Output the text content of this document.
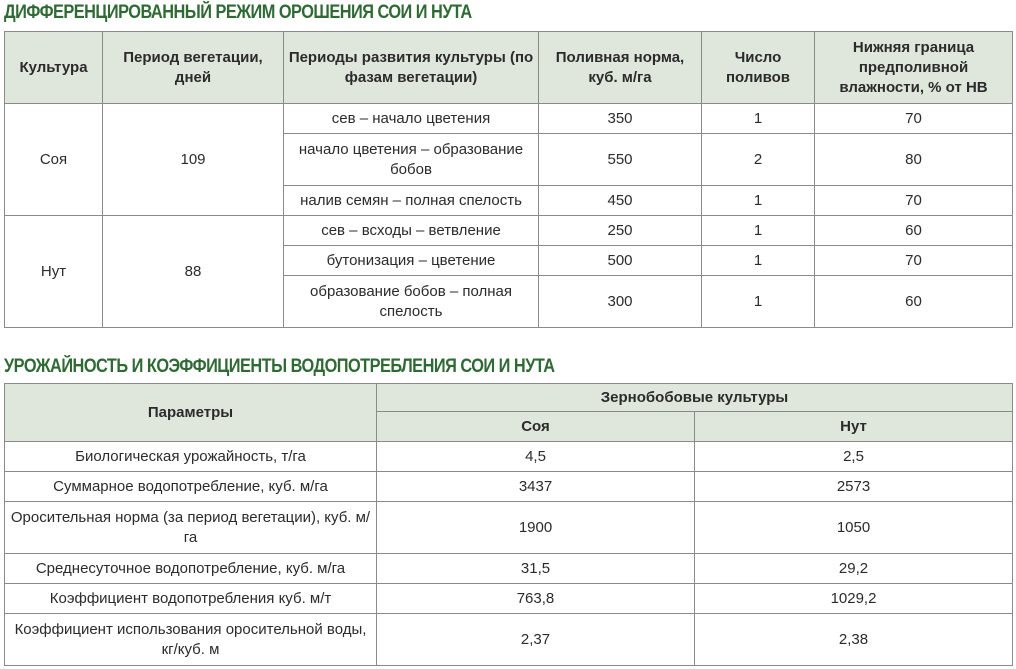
ДИФФЕРЕНЦИРОВАННЫЙ РЕЖИМ ОРОШЕНИЯ СОИ И НУТА
Культура	Период вегетации, дней	Периоды развития культуры (по фазам вегетации)	Поливная норма, куб. м/га	Число поливов	Нижняя граница предполивной влажности, % от НВ
Соя	109	сев – начало цветения	350	1	70
		начало цветения – образование бобов	550	2	80
		налив семян – полная спелость	450	1	70
Нут	88	сев – всходы – ветвление	250	1	60
		бутонизация – цветение	500	1	70
		образование бобов – полная спелость	300	1	60
УРОЖАЙНОСТЬ И КОЭФФИЦИЕНТЫ ВОДОПОТРЕБЛЕНИЯ СОИ И НУТА
Параметры	Зернобобовые культуры	
	Соя	Нут
Биологическая урожайность, т/га	4,5	2,5
Суммарное водопотребление, куб. м/га	3437	2573
Оросительная норма (за период вегетации), куб. м/га	1900	1050
Среднесуточное водопотребление, куб. м/га	31,5	29,2
Коэффициент водопотребления куб. м/т	763,8	1029,2
Коэффициент использования оросительной воды, кг/куб. м	2,37	2,38
